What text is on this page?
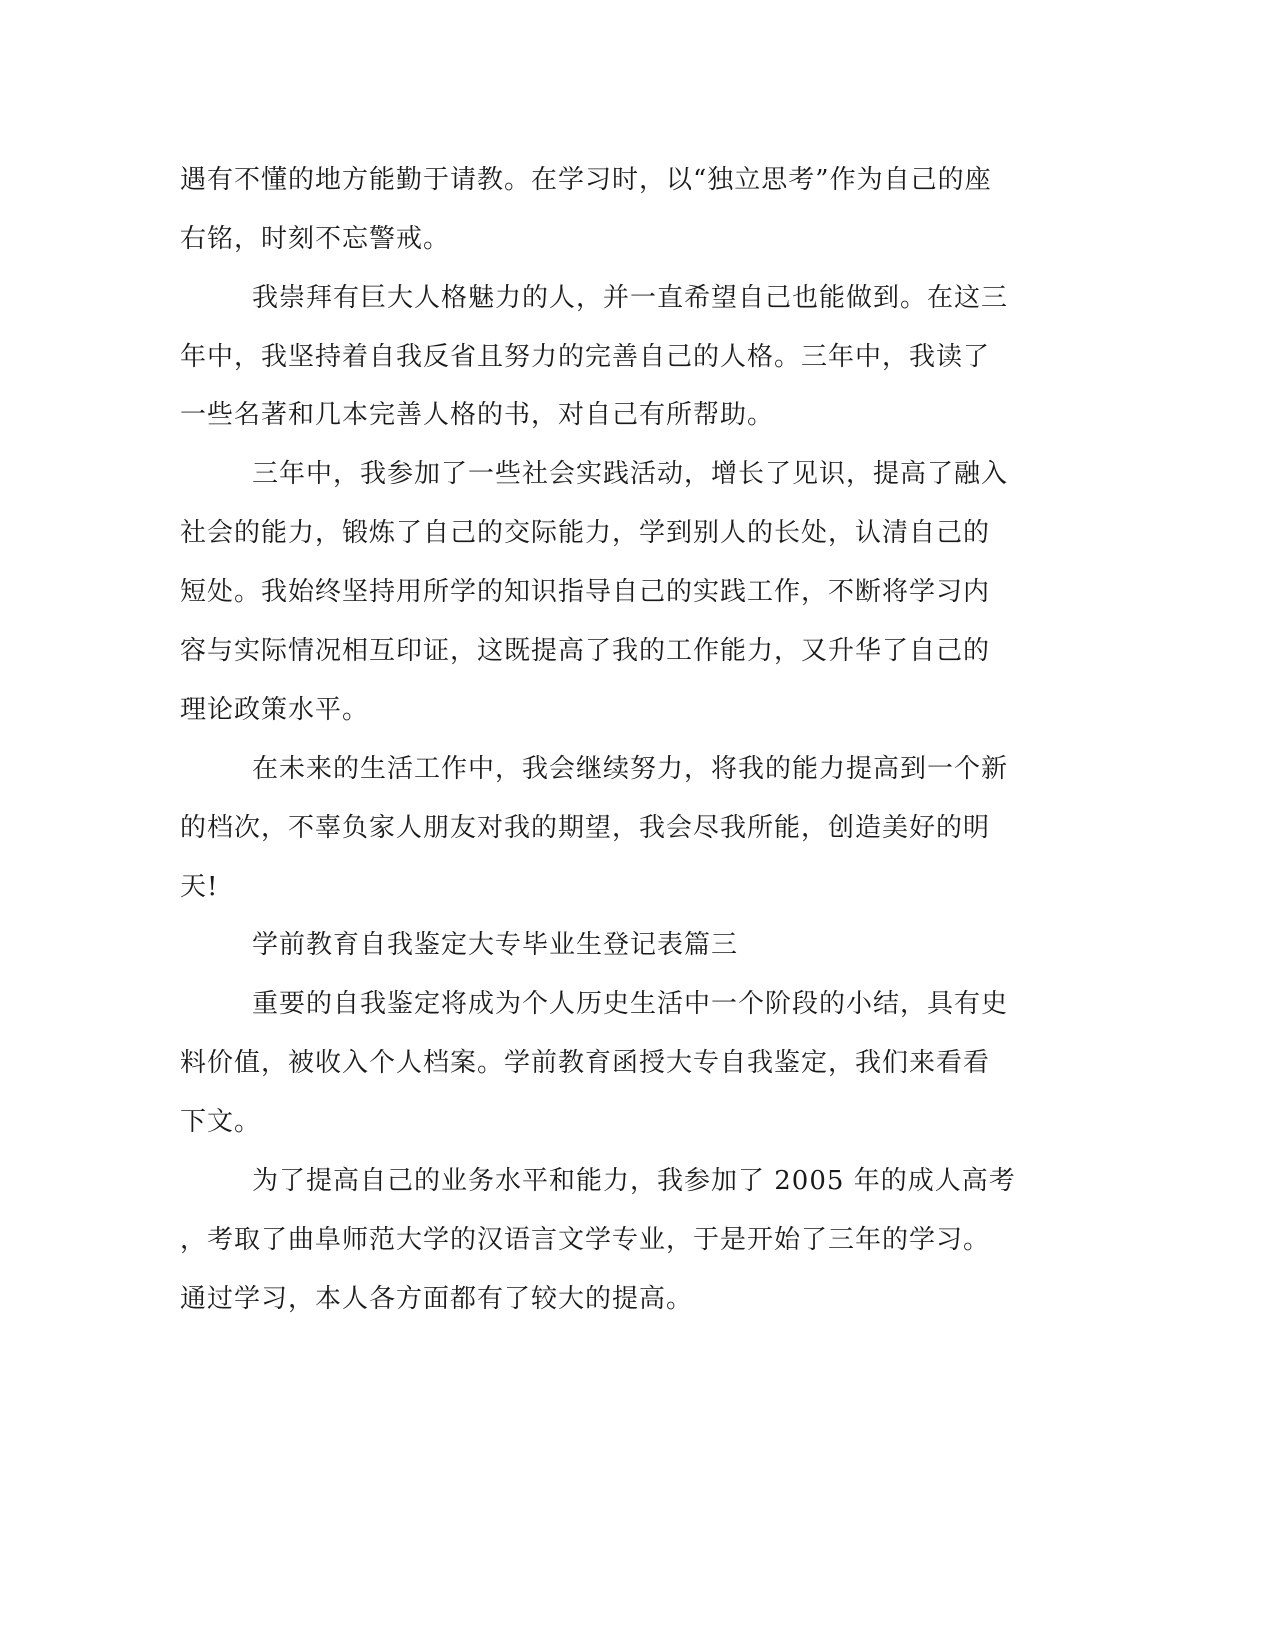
遇有不懂的地方能勤于请教。在学习时，以“独立思考”作为自己的座
右铭，时刻不忘警戒。
我崇拜有巨大人格魅力的人，并一直希望自己也能做到。在这三
年中，我坚持着自我反省且努力的完善自己的人格。三年中，我读了
一些名著和几本完善人格的书，对自己有所帮助。
三年中，我参加了一些社会实践活动，增长了见识，提高了融入
社会的能力，锻炼了自己的交际能力，学到别人的长处，认清自己的
短处。我始终坚持用所学的知识指导自己的实践工作，不断将学习内
容与实际情况相互印证，这既提高了我的工作能力，又升华了自己的
理论政策水平。
在未来的生活工作中，我会继续努力，将我的能力提高到一个新
的档次，不辜负家人朋友对我的期望，我会尽我所能，创造美好的明
天!
学前教育自我鉴定大专毕业生登记表篇三
重要的自我鉴定将成为个人历史生活中一个阶段的小结，具有史
料价值，被收入个人档案。学前教育函授大专自我鉴定，我们来看看
下文。
为了提高自己的业务水平和能力，我参加了 2005 年的成人高考
，考取了曲阜师范大学的汉语言文学专业，于是开始了三年的学习。
通过学习，本人各方面都有了较大的提高。
